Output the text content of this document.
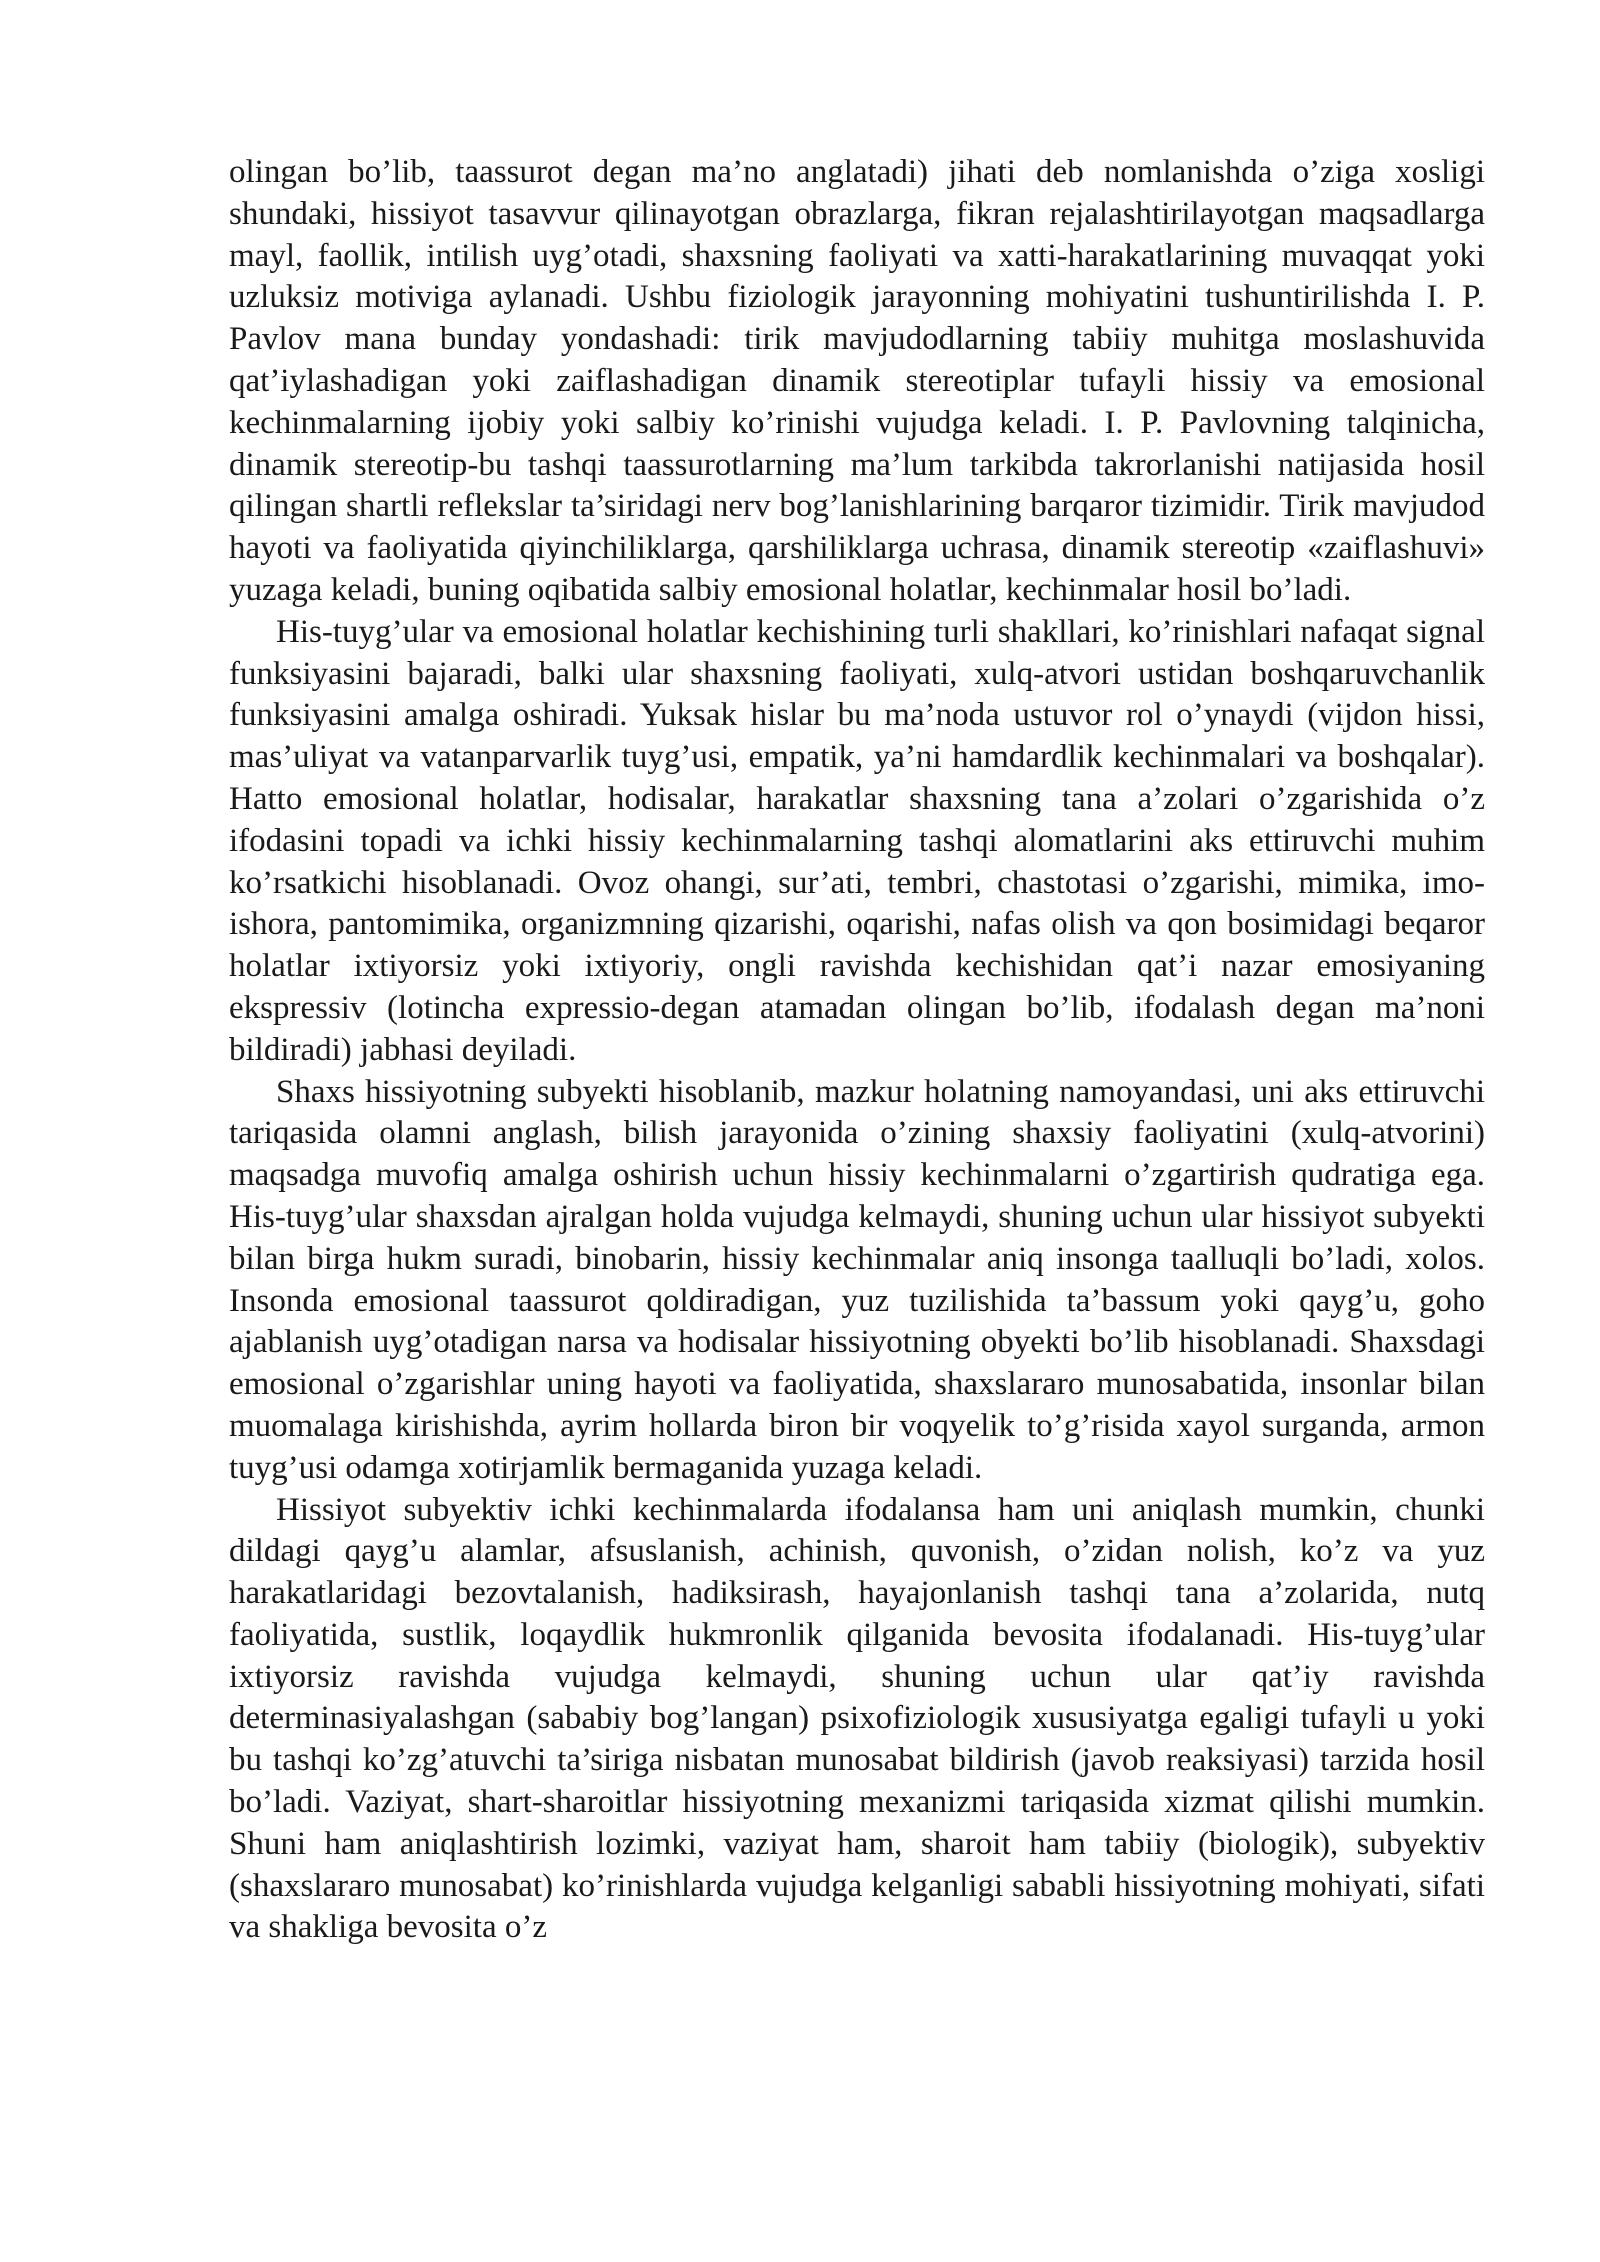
olingan bo’lib, taassurot degan ma’no anglatadi) jihati deb nomlanishda o’ziga xosligi shundaki, hissiyot tasavvur qilinayotgan obrazlarga, fikran rejalashtirilayotgan maqsadlarga mayl, faollik, intilish uyg’otadi, shaxsning faoliyati va xatti-harakatlarining muvaqqat yoki uzluksiz motiviga aylanadi. Ushbu fiziologik jarayonning mohiyatini tushuntirilishda I. P. Pavlov mana bunday yondashadi: tirik mavjudodlarning tabiiy muhitga moslashuvida qat’iylashadigan yoki zaiflashadigan dinamik stereotiplar tufayli hissiy va emosional kechinmalarning ijobiy yoki salbiy ko’rinishi vujudga keladi. I. P. Pavlovning talqinicha, dinamik stereotip-bu tashqi taassurotlarning ma’lum tarkibda takrorlanishi natijasida hosil qilingan shartli reflekslar ta’siridagi nerv bog’lanishlarining barqaror tizimidir. Tirik mavjudod hayoti va faoliyatida qiyinchiliklarga, qarshiliklarga uchrasa, dinamik stereotip «zaiflashuvi» yuzaga keladi, buning oqibatida salbiy emosional holatlar, kechinmalar hosil bo’ladi.

His-tuyg’ular va emosional holatlar kechishining turli shakllari, ko’rinishlari nafaqat signal funksiyasini bajaradi, balki ular shaxsning faoliyati, xulq-atvori ustidan boshqaruvchanlik funksiyasini amalga oshiradi. Yuksak hislar bu ma’noda ustuvor rol o’ynaydi (vijdon hissi, mas’uliyat va vatanparvarlik tuyg’usi, empatik, ya’ni hamdardlik kechinmalari va boshqalar). Hatto emosional holatlar, hodisalar, harakatlar shaxsning tana a’zolari o’zgarishida o’z ifodasini topadi va ichki hissiy kechinmalarning tashqi alomatlarini aks ettiruvchi muhim ko’rsatkichi hisoblanadi. Ovoz ohangi, sur’ati, tembri, chastotasi o’zgarishi, mimika, imo-ishora, pantomimika, organizmning qizarishi, oqarishi, nafas olish va qon bosimidagi beqaror holatlar ixtiyorsiz yoki ixtiyoriy, ongli ravishda kechishidan qat’i nazar emosiyaning ekspressiv (lotincha expressio-degan atamadan olingan bo’lib, ifodalash degan ma’noni bildiradi) jabhasi deyiladi.

Shaxs hissiyotning subyekti hisoblanib, mazkur holatning namoyandasi, uni aks ettiruvchi tariqasida olamni anglash, bilish jarayonida o’zining shaxsiy faoliyatini (xulq-atvorini) maqsadga muvofiq amalga oshirish uchun hissiy kechinmalarni o’zgartirish qudratiga ega. His-tuyg’ular shaxsdan ajralgan holda vujudga kelmaydi, shuning uchun ular hissiyot subyekti bilan birga hukm suradi, binobarin, hissiy kechinmalar aniq insonga taalluqli bo’ladi, xolos. Insonda emosional taassurot qoldiradigan, yuz tuzilishida ta’bassum yoki qayg’u, goho ajablanish uyg’otadigan narsa va hodisalar hissiyotning obyekti bo’lib hisoblanadi. Shaxsdagi emosional o’zgarishlar uning hayoti va faoliyatida, shaxslararo munosabatida, insonlar bilan muomalaga kirishishda, ayrim hollarda biron bir voqyelik to’g’risida xayol surganda, armon tuyg’usi odamga xotirjamlik bermaganida yuzaga keladi.

Hissiyot subyektiv ichki kechinmalarda ifodalansa ham uni aniqlash mumkin, chunki dildagi qayg’u alamlar, afsuslanish, achinish, quvonish, o’zidan nolish, ko’z va yuz harakatlaridagi bezovtalanish, hadiksirash, hayajonlanish tashqi tana a’zolarida, nutq faoliyatida, sustlik, loqaydlik hukmronlik qilganida bevosita ifodalanadi. His-tuyg’ular ixtiyorsiz ravishda vujudga kelmaydi, shuning uchun ular qat’iy ravishda determinasiyalashgan (sababiy bog’langan) psixofiziologik xususiyatga egaligi tufayli u yoki bu tashqi ko’zg’atuvchi ta’siriga nisbatan munosabat bildirish (javob reaksiyasi) tarzida hosil bo’ladi. Vaziyat, shart-sharoitlar hissiyotning mexanizmi tariqasida xizmat qilishi mumkin. Shuni ham aniqlashtirish lozimki, vaziyat ham, sharoit ham tabiiy (biologik), subyektiv (shaxslararo munosabat) ko’rinishlarda vujudga kelganligi sababli hissiyotning mohiyati, sifati va shakliga bevosita o’z
